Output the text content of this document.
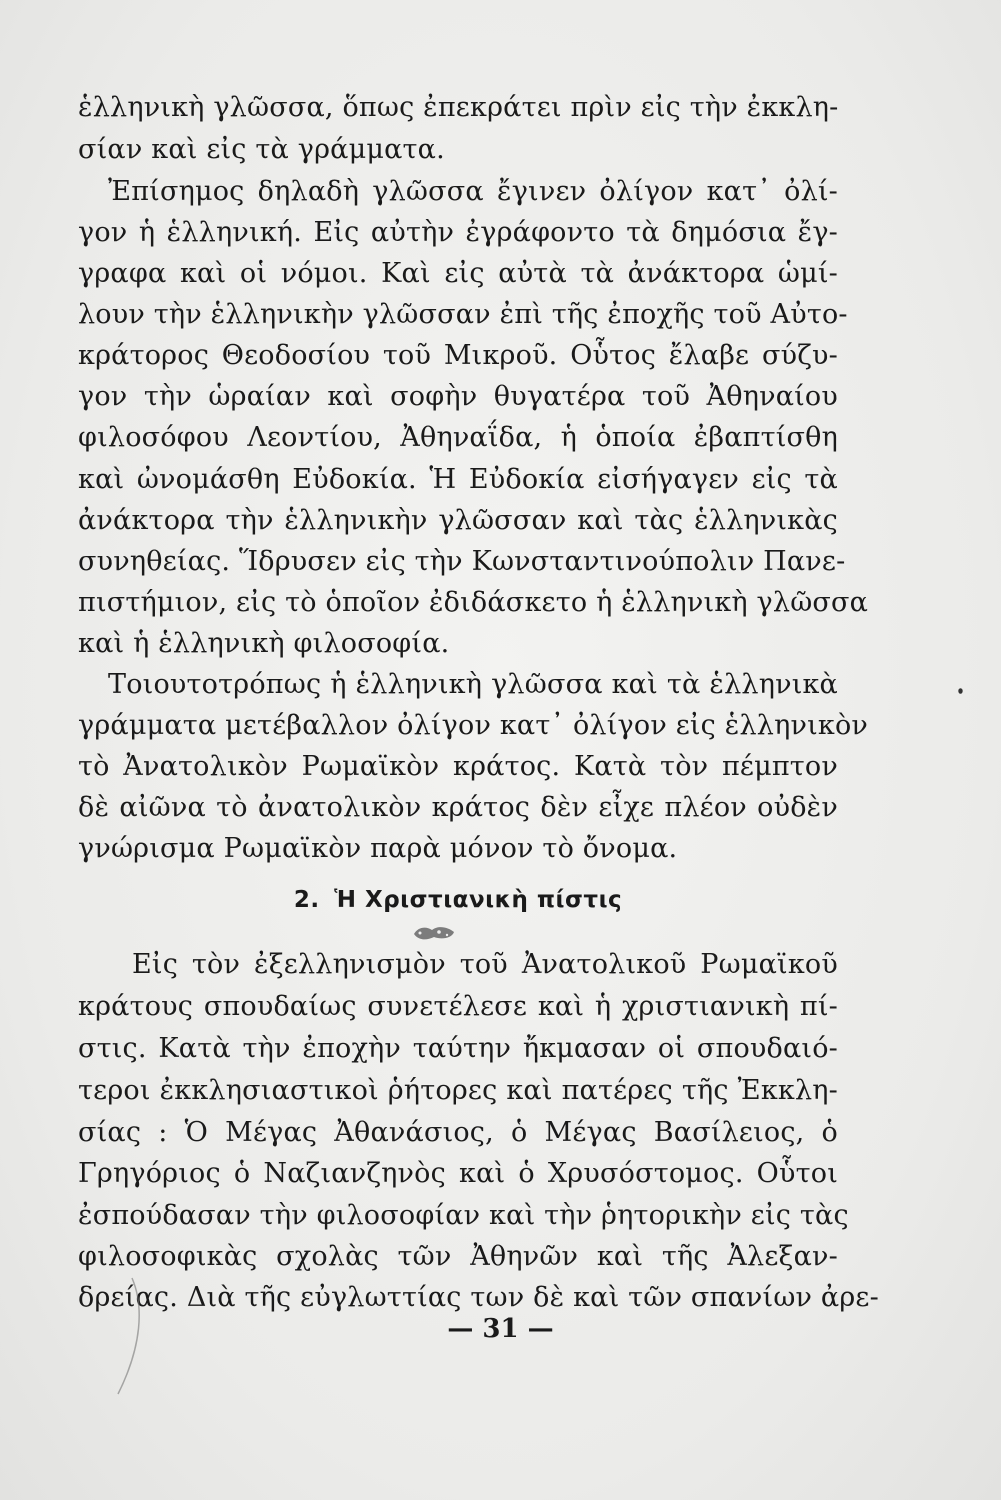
ἑλληνικὴ γλῶσσα, ὅπως ἐπεκράτει πρὶν εἰς τὴν ἐκκλη-
σίαν καὶ εἰς τὰ γράμματα.
Ἐπίσημος δηλαδὴ γλῶσσα ἔγινεν ὀλίγον κατ᾿ ὀλί-
γον ἡ ἑλληνική. Εἰς αὐτὴν ἐγράφοντο τὰ δημόσια ἔγ-
γραφα καὶ οἱ νόμοι. Καὶ εἰς αὐτὰ τὰ ἀνάκτορα ὡμί-
λουν τὴν ἑλληνικὴν γλῶσσαν ἐπὶ τῆς ἐποχῆς τοῦ Αὐτο-
κράτορος Θεοδοσίου τοῦ Μικροῦ. Οὗτος ἔλαβε σύζυ-
γον τὴν ὡραίαν καὶ σοφὴν θυγατέρα τοῦ Ἀθηναίου
φιλοσόφου Λεοντίου, Ἀθηναΐδα, ἡ ὁποία ἐβαπτίσθη
καὶ ὠνομάσθη Εὐδοκία. Ἡ Εὐδοκία εἰσήγαγεν εἰς τὰ
ἀνάκτορα τὴν ἑλληνικὴν γλῶσσαν καὶ τὰς ἑλληνικὰς
συνηθείας. Ἵδρυσεν εἰς τὴν Κωνσταντινούπολιν Πανε-
πιστήμιον, εἰς τὸ ὁποῖον ἐδιδάσκετο ἡ ἑλληνικὴ γλῶσσα
καὶ ἡ ἑλληνικὴ φιλοσοφία.
Τοιουτοτρόπως ἡ ἑλληνικὴ γλῶσσα καὶ τὰ ἑλληνικὰ
γράμματα μετέβαλλον ὀλίγον κατ᾿ ὀλίγον εἰς ἑλληνικὸν
τὸ Ἀνατολικὸν Ρωμαϊκὸν κράτος. Κατὰ τὸν πέμπτον
δὲ αἰῶνα τὸ ἀνατολικὸν κράτος δὲν εἶχε πλέον οὐδὲν
γνώρισμα Ρωμαϊκὸν παρὰ μόνον τὸ ὄνομα.
2. Ἡ Χριστιανικὴ πίστις
Εἰς τὸν ἐξελληνισμὸν τοῦ Ἀνατολικοῦ Ρωμαϊκοῦ
κράτους σπουδαίως συνετέλεσε καὶ ἡ χριστιανικὴ πί-
στις. Κατὰ τὴν ἐποχὴν ταύτην ἤκμασαν οἱ σπουδαιό-
τεροι ἐκκλησιαστικοὶ ῥήτορες καὶ πατέρες τῆς Ἐκκλη-
σίας : Ὁ Μέγας Ἀθανάσιος, ὁ Μέγας Βασίλειος, ὁ
Γρηγόριος ὁ Ναζιανζηνὸς καὶ ὁ Χρυσόστομος. Οὗτοι
ἐσπούδασαν τὴν φιλοσοφίαν καὶ τὴν ῥητορικὴν εἰς τὰς
φιλοσοφικὰς σχολὰς τῶν Ἀθηνῶν καὶ τῆς Ἀλεξαν-
δρείας. Διὰ τῆς εὐγλωττίας των δὲ καὶ τῶν σπανίων ἀρε-
— 31 —
